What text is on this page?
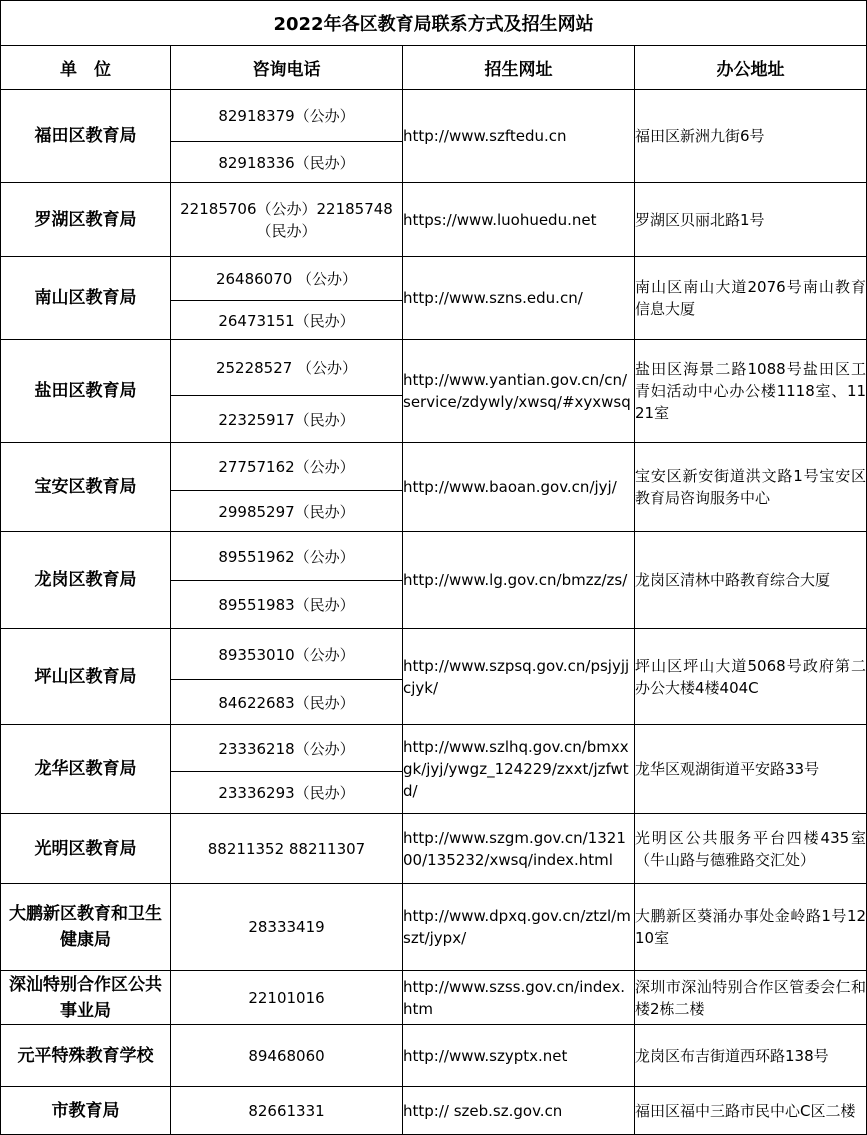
2022年各区教育局联系方式及招生网站			
单　位	咨询电话	招生网址	办公地址
福田区教育局	82918379（公办）
82918336（民办）	http://www.szftedu.cn	福田区新洲九街6号
罗湖区教育局	22185706（公办）22185748（民办）	https://www.luohuedu.net	罗湖区贝丽北路1号
南山区教育局	26486070 （公办）
26473151（民办）	http://www.szns.edu.cn/	南山区南山大道2076号南山教育信息大厦
盐田区教育局	25228527 （公办）
22325917（民办）	http://www.yantian.gov.cn/cn/service/zdywly/xwsq/#xyxwsq	盐田区海景二路1088号盐田区工青妇活动中心办公楼1118室、1121室
宝安区教育局	27757162（公办）
29985297（民办）	http://www.baoan.gov.cn/jyj/	宝安区新安街道洪文路1号宝安区教育局咨询服务中心
龙岗区教育局	89551962（公办）
89551983（民办）	http://www.lg.gov.cn/bmzz/zs/	龙岗区清林中路教育综合大厦
坪山区教育局	89353010（公办）
84622683（民办）	http://www.szpsq.gov.cn/psjyjjcjyk/	坪山区坪山大道5068号政府第二办公大楼4楼404C
龙华区教育局	23336218（公办）
23336293（民办）	http://www.szlhq.gov.cn/bmxxgk/jyj/ywgz_124229/zxxt/jzfwtd/	龙华区观湖街道平安路33号
光明区教育局	88211352 88211307	http://www.szgm.gov.cn/132100/135232/xwsq/index.html	光明区公共服务平台四楼435室（牛山路与德雅路交汇处）
大鹏新区教育和卫生健康局	28333419	http://www.dpxq.gov.cn/ztzl/mszt/jypx/	大鹏新区葵涌办事处金岭路1号1210室
深汕特别合作区公共事业局	22101016	http://www.szss.gov.cn/index.htm	深圳市深汕特别合作区管委会仁和楼2栋二楼
元平特殊教育学校	89468060	http://www.szyptx.net	龙岗区布吉街道西环路138号
市教育局	82661331	http:// szeb.sz.gov.cn	福田区福中三路市民中心C区二楼
